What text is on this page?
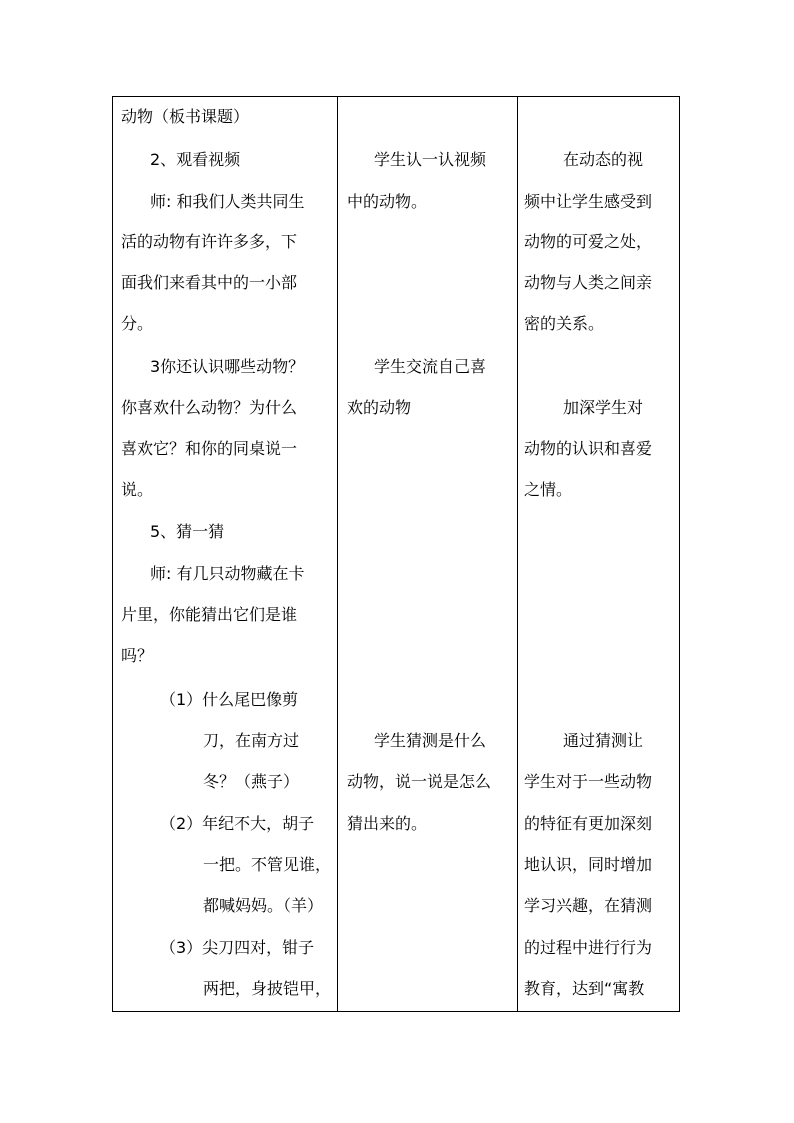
动物（板书课题）
2、观看视频
师: 和我们人类共同生
活的动物有许许多多，下
面我们来看其中的一小部
分。
3你还认识哪些动物？
你喜欢什么动物？为什么
喜欢它？和你的同桌说一
说。
5、猜一猜
师: 有几只动物藏在卡
片里，你能猜出它们是谁
吗？
（1）什么尾巴像剪
刀，在南方过
冬？（燕子）
（2）年纪不大，胡子
一把。不管见谁，
都喊妈妈。（羊）
（3）尖刀四对，钳子
两把，身披铠甲，
学生认一认视频
中的动物。
学生交流自己喜
欢的动物
学生猜测是什么
动物，说一说是怎么
猜出来的。
在动态的视
频中让学生感受到
动物的可爱之处，
动物与人类之间亲
密的关系。
加深学生对
动物的认识和喜爱
之情。
通过猜测让
学生对于一些动物
的特征有更加深刻
地认识，同时增加
学习兴趣，在猜测
的过程中进行行为
教育，达到“寓教
